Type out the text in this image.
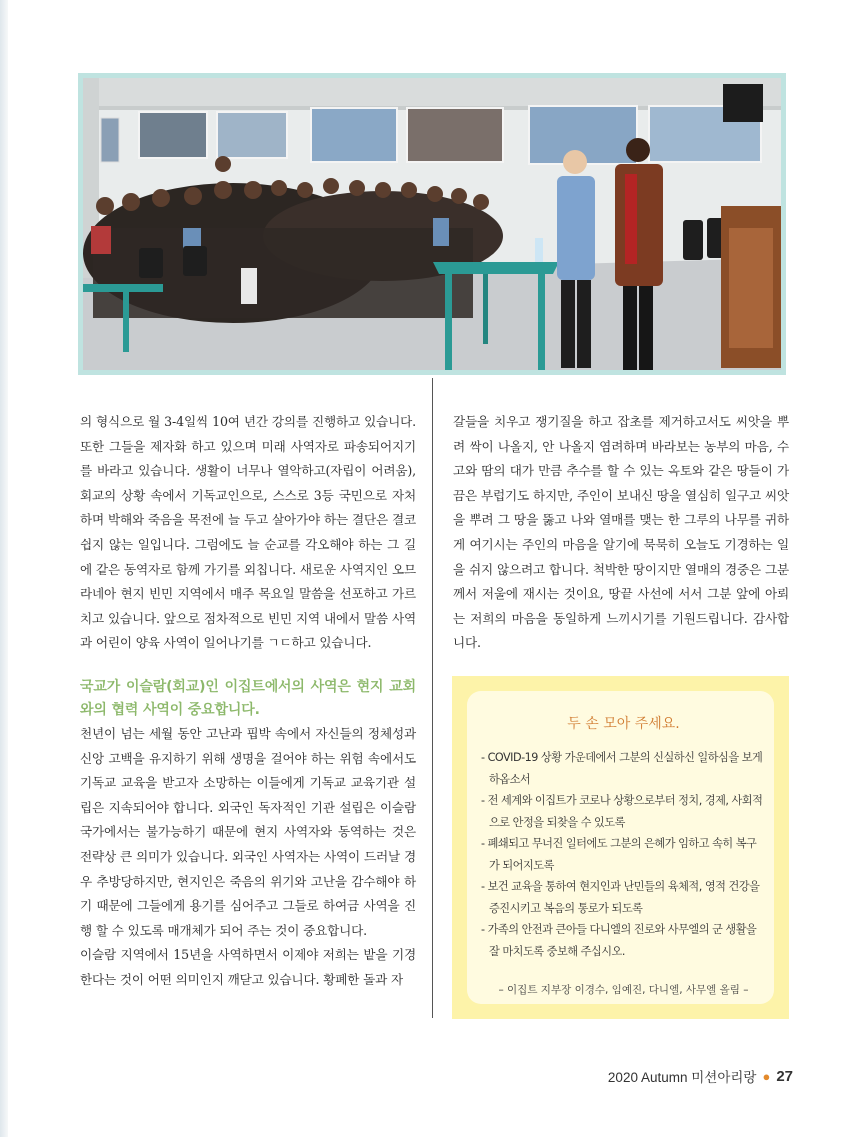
의 형식으로 월 3-4일씩 10여 년간 강의를 진행하고 있습니다. 또한 그들을 제자화 하고 있으며 미래 사역자로 파송되어지기를 바라고 있습니다. 생활이 너무나 열악하고(자립이 어려움), 회교의 상황 속에서 기독교인으로, 스스로 3등 국민으로 자처하며 박해와 죽음을 목전에 늘 두고 살아가야 하는 결단은 결코 쉽지 않는 일입니다. 그럼에도 늘 순교를 각오해야 하는 그 길에 같은 동역자로 함께 가기를 외칩니다. 새로운 사역지인 오므라네아 현지 빈민 지역에서 매주 목요일 말씀을 선포하고 가르치고 있습니다. 앞으로 점차적으로 빈민 지역 내에서 말씀 사역과 어린이 양육 사역이 일어나기를 ㄱㄷ하고 있습니다.

국교가 이슬람(회교)인 이집트에서의 사역은 현지 교회와의 협력 사역이 중요합니다.

천년이 넘는 세월 동안 고난과 핍박 속에서 자신들의 정체성과 신앙 고백을 유지하기 위해 생명을 걸어야 하는 위험 속에서도 기독교 교육을 받고자 소망하는 이들에게 기독교 교육기관 설립은 지속되어야 합니다. 외국인 독자적인 기관 설립은 이슬람 국가에서는 불가능하기 때문에 현지 사역자와 동역하는 것은 전략상 큰 의미가 있습니다. 외국인 사역자는 사역이 드러날 경우 추방당하지만, 현지인은 죽음의 위기와 고난을 감수해야 하기 때문에 그들에게 용기를 심어주고 그들로 하여금 사역을 진행 할 수 있도록 매개체가 되어 주는 것이 중요합니다.

이슬람 지역에서 15년을 사역하면서 이제야 저희는 밭을 기경한다는 것이 어떤 의미인지 깨닫고 있습니다. 황폐한 돌과 자

갈들을 치우고 쟁기질을 하고 잡초를 제거하고서도 씨앗을 뿌려 싹이 나올지, 안 나올지 염려하며 바라보는 농부의 마음, 수고와 땀의 대가 만큼 추수를 할 수 있는 옥토와 같은 땅들이 가끔은 부럽기도 하지만, 주인이 보내신 땅을 열심히 일구고 씨앗을 뿌려 그 땅을 뚫고 나와 열매를 맺는 한 그루의 나무를 귀하게 여기시는 주인의 마음을 알기에 묵묵히 오늘도 기경하는 일을 쉬지 않으려고 합니다. 척박한 땅이지만 열매의 경중은 그분께서 저울에 재시는 것이요, 땅끝 사선에 서서 그분 앞에 아뢰는 저희의 마음을 동일하게 느끼시기를 기원드립니다. 감사합니다.

두 손 모아 주세요.
- COVID-19 상황 가운데에서 그분의 신실하신 일하심을 보게 하옵소서
- 전 세계와 이집트가 코로나 상황으로부터 정치, 경제, 사회적으로 안정을 되찾을 수 있도록
- 폐쇄되고 무너진 일터에도 그분의 은혜가 임하고 속히 복구가 되어지도록
- 보건 교육을 통하여 현지인과 난민들의 육체적, 영적 건강을 증진시키고 복음의 통로가 되도록
- 가족의 안전과 큰아들 다니엘의 진로와 사무엘의 군 생활을 잘 마치도록 중보해 주십시오.
– 이집트 지부장 이경수, 임예진, 다니엘, 사무엘 올림 –
2020 Autumn 미션아리랑 ● 27
